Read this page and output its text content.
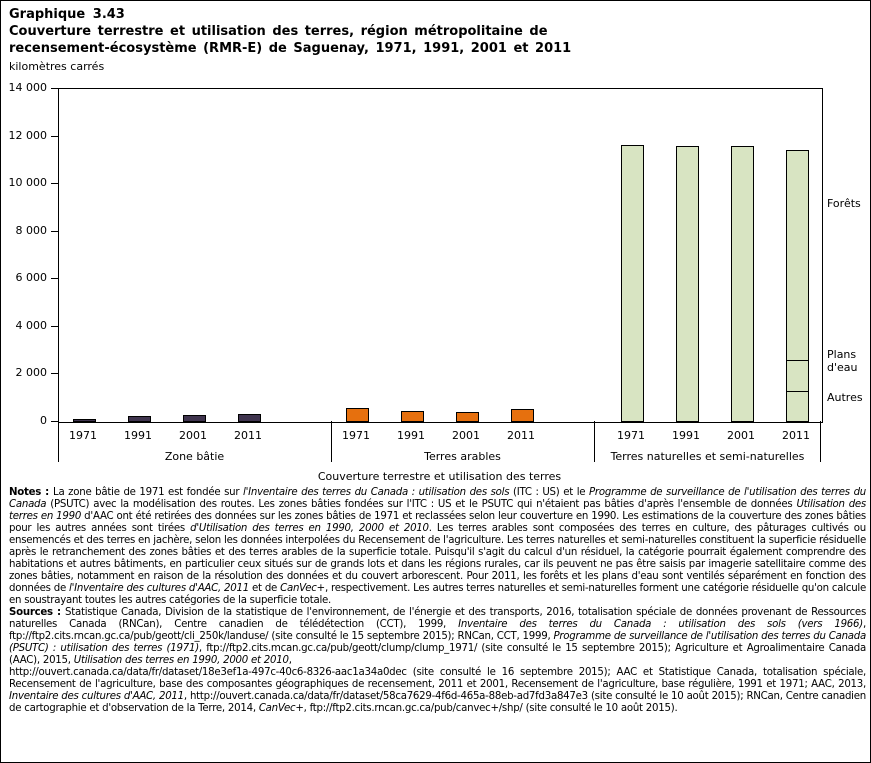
Graphique 3.43
Couverture terrestre et utilisation des terres, région métropolitaine de
recensement-écosystème (RMR-E) de Saguenay, 1971, 1991, 2001 et 2011
kilomètres carrés
Couverture terrestre et utilisation des terres
1971	1991	2001	2011
Zone bâtie
1971	1991	2001	2011
Terres arables
1971	1991	2001	2011
Terres naturelles et semi-naturelles
Forêts
Plans d'eau
Autres

Notes : La zone bâtie de 1971 est fondée sur l'Inventaire des terres du Canada : utilisation des sols (ITC : US) et le Programme de surveillance de l'utilisation des terres du Canada (PSUTC) avec la modélisation des routes. Les zones bâties fondées sur l'ITC : US et le PSUTC qui n'étaient pas bâties d'après l'ensemble de données Utilisation des terres en 1990 d'AAC ont été retirées des données sur les zones bâties de 1971 et reclassées selon leur couverture en 1990. Les estimations de la couverture des zones bâties pour les autres années sont tirées d'Utilisation des terres en 1990, 2000 et 2010. Les terres arables sont composées des terres en culture, des pâturages cultivés ou ensemencés et des terres en jachère, selon les données interpolées du Recensement de l'agriculture. Les terres naturelles et semi-naturelles constituent la superficie résiduelle après le retranchement des zones bâties et des terres arables de la superficie totale. Puisqu'il s'agit du calcul d'un résiduel, la catégorie pourrait également comprendre des habitations et autres bâtiments, en particulier ceux situés sur de grands lots et dans les régions rurales, car ils peuvent ne pas être saisis par imagerie satellitaire comme des zones bâties, notamment en raison de la résolution des données et du couvert arborescent. Pour 2011, les forêts et les plans d'eau sont ventilés séparément en fonction des données de l'Inventaire des cultures d'AAC, 2011 et de CanVec+, respectivement. Les autres terres naturelles et semi-naturelles forment une catégorie résiduelle qu'on calcule en soustrayant toutes les autres catégories de la superficie totale.

Sources : Statistique Canada, Division de la statistique de l'environnement, de l'énergie et des transports, 2016, totalisation spéciale de données provenant de Ressources naturelles Canada (RNCan), Centre canadien de télédétection (CCT), 1999, Inventaire des terres du Canada : utilisation des sols (vers 1966), ftp://ftp2.cits.rncan.gc.ca/pub/geott/cli_250k/landuse/ (site consulté le 15 septembre 2015); RNCan, CCT, 1999, Programme de surveillance de l'utilisation des terres du Canada (PSUTC) : utilisation des terres (1971), ftp://ftp2.cits.mcan.gc.ca/pub/geott/clump/clump_1971/ (site consulté le 15 septembre 2015); Agriculture et Agroalimentaire Canada (AAC), 2015, Utilisation des terres en 1990, 2000 et 2010,
http://ouvert.canada.ca/data/fr/dataset/18e3ef1a-497c-40c6-8326-aac1a34a0dec (site consulté le 16 septembre 2015); AAC et Statistique Canada, totalisation spéciale, Recensement de l'agriculture, base des composantes géographiques de recensement, 2011 et 2001, Recensement de l'agriculture, base régulière, 1991 et 1971; AAC, 2013, Inventaire des cultures d'AAC, 2011, http://ouvert.canada.ca/data/fr/dataset/58ca7629-4f6d-465a-88eb-ad7fd3a847e3 (site consulté le 10 août 2015); RNCan, Centre canadien de cartographie et d'observation de la Terre, 2014, CanVec+, ftp://ftp2.cits.rncan.gc.ca/pub/canvec+/shp/ (site consulté le 10 août 2015).

0
2 000
4 000
6 000
8 000
10 000
12 000
14 000
